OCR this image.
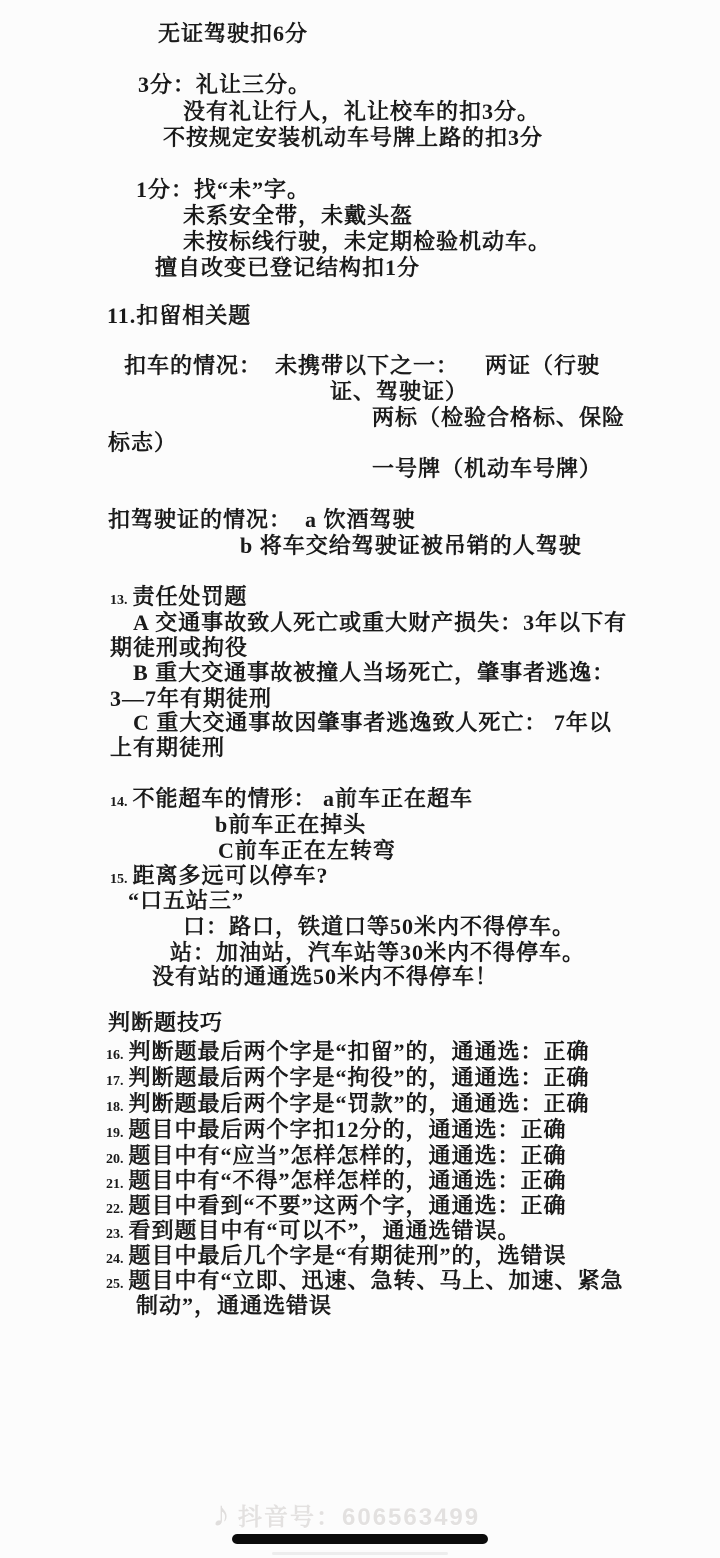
无证驾驶扣6分
3分：礼让三分。
没有礼让行人，礼让校车的扣3分。
不按规定安装机动车号牌上路的扣3分
1分：找“未”字。
未系安全带，未戴头盔
未按标线行驶，未定期检验机动车。
擅自改变已登记结构扣1分
11.扣留相关题
扣车的情况：  未携带以下之一：    两证（行驶
证、驾驶证）
两标（检验合格标、保险
标志）
一号牌（机动车号牌）
扣驾驶证的情况：  a 饮酒驾驶
b 将车交给驾驶证被吊销的人驾驶
13. 责任处罚题
A 交通事故致人死亡或重大财产损失：3年以下有
期徒刑或拘役
B 重大交通事故被撞人当场死亡，肇事者逃逸：
3—7年有期徒刑
C 重大交通事故因肇事者逃逸致人死亡： 7年以
上有期徒刑
14. 不能超车的情形： a前车正在超车
b前车正在掉头
C前车正在左转弯
15. 距离多远可以停车?
“口五站三”
口：路口，铁道口等50米内不得停车。
站：加油站，汽车站等30米内不得停车。
没有站的通通选50米内不得停车！
判断题技巧
16. 判断题最后两个字是“扣留”的，通通选：正确
17. 判断题最后两个字是“拘役”的，通通选：正确
18. 判断题最后两个字是“罚款”的，通通选：正确
19. 题目中最后两个字扣12分的，通通选：正确
20. 题目中有“应当”怎样怎样的，通通选：正确
21. 题目中有“不得”怎样怎样的，通通选：正确
22. 题目中看到“不要”这两个字，通通选：正确
23. 看到题目中有“可以不”，通通选错误。
24. 题目中最后几个字是“有期徒刑”的，选错误
25. 题目中有“立即、迅速、急转、马上、加速、紧急
制动”，通通选错误
♪ 抖音号：606563499
